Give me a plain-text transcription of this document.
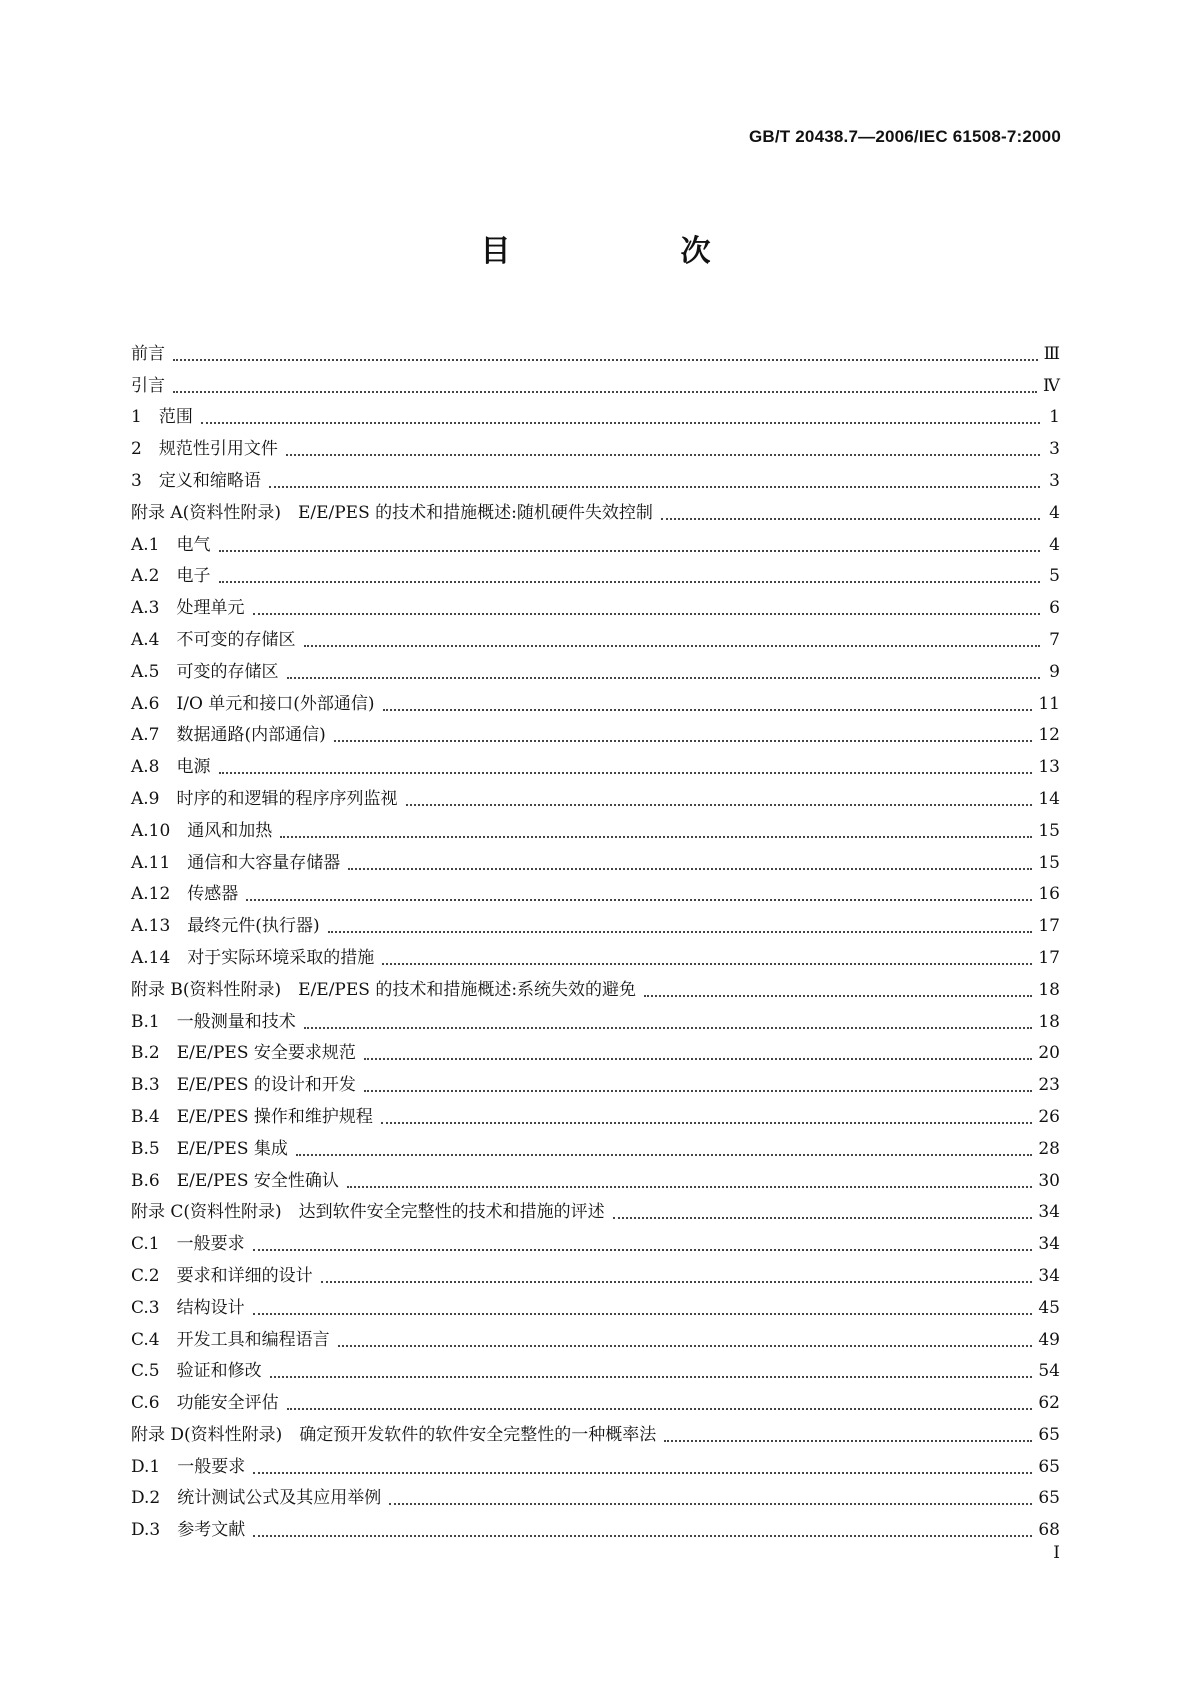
GB/T 20438.7—2006/IEC 61508-7:2000
目　次
前言	Ⅲ
引言	Ⅳ
1　范围	1
2　规范性引用文件	3
3　定义和缩略语	3
附录 A(资料性附录)　E/E/PES 的技术和措施概述:随机硬件失效控制	4
A.1　电气	4
A.2　电子	5
A.3　处理单元	6
A.4　不可变的存储区	7
A.5　可变的存储区	9
A.6　I/O 单元和接口(外部通信)	11
A.7　数据通路(内部通信)	12
A.8　电源	13
A.9　时序的和逻辑的程序序列监视	14
A.10　通风和加热	15
A.11　通信和大容量存储器	15
A.12　传感器	16
A.13　最终元件(执行器)	17
A.14　对于实际环境采取的措施	17
附录 B(资料性附录)　E/E/PES 的技术和措施概述:系统失效的避免	18
B.1　一般测量和技术	18
B.2　E/E/PES 安全要求规范	20
B.3　E/E/PES 的设计和开发	23
B.4　E/E/PES 操作和维护规程	26
B.5　E/E/PES 集成	28
B.6　E/E/PES 安全性确认	30
附录 C(资料性附录)　达到软件安全完整性的技术和措施的评述	34
C.1　一般要求	34
C.2　要求和详细的设计	34
C.3　结构设计	45
C.4　开发工具和编程语言	49
C.5　验证和修改	54
C.6　功能安全评估	62
附录 D(资料性附录)　确定预开发软件的软件安全完整性的一种概率法	65
D.1　一般要求	65
D.2　统计测试公式及其应用举例	65
D.3　参考文献	68
Ⅰ
